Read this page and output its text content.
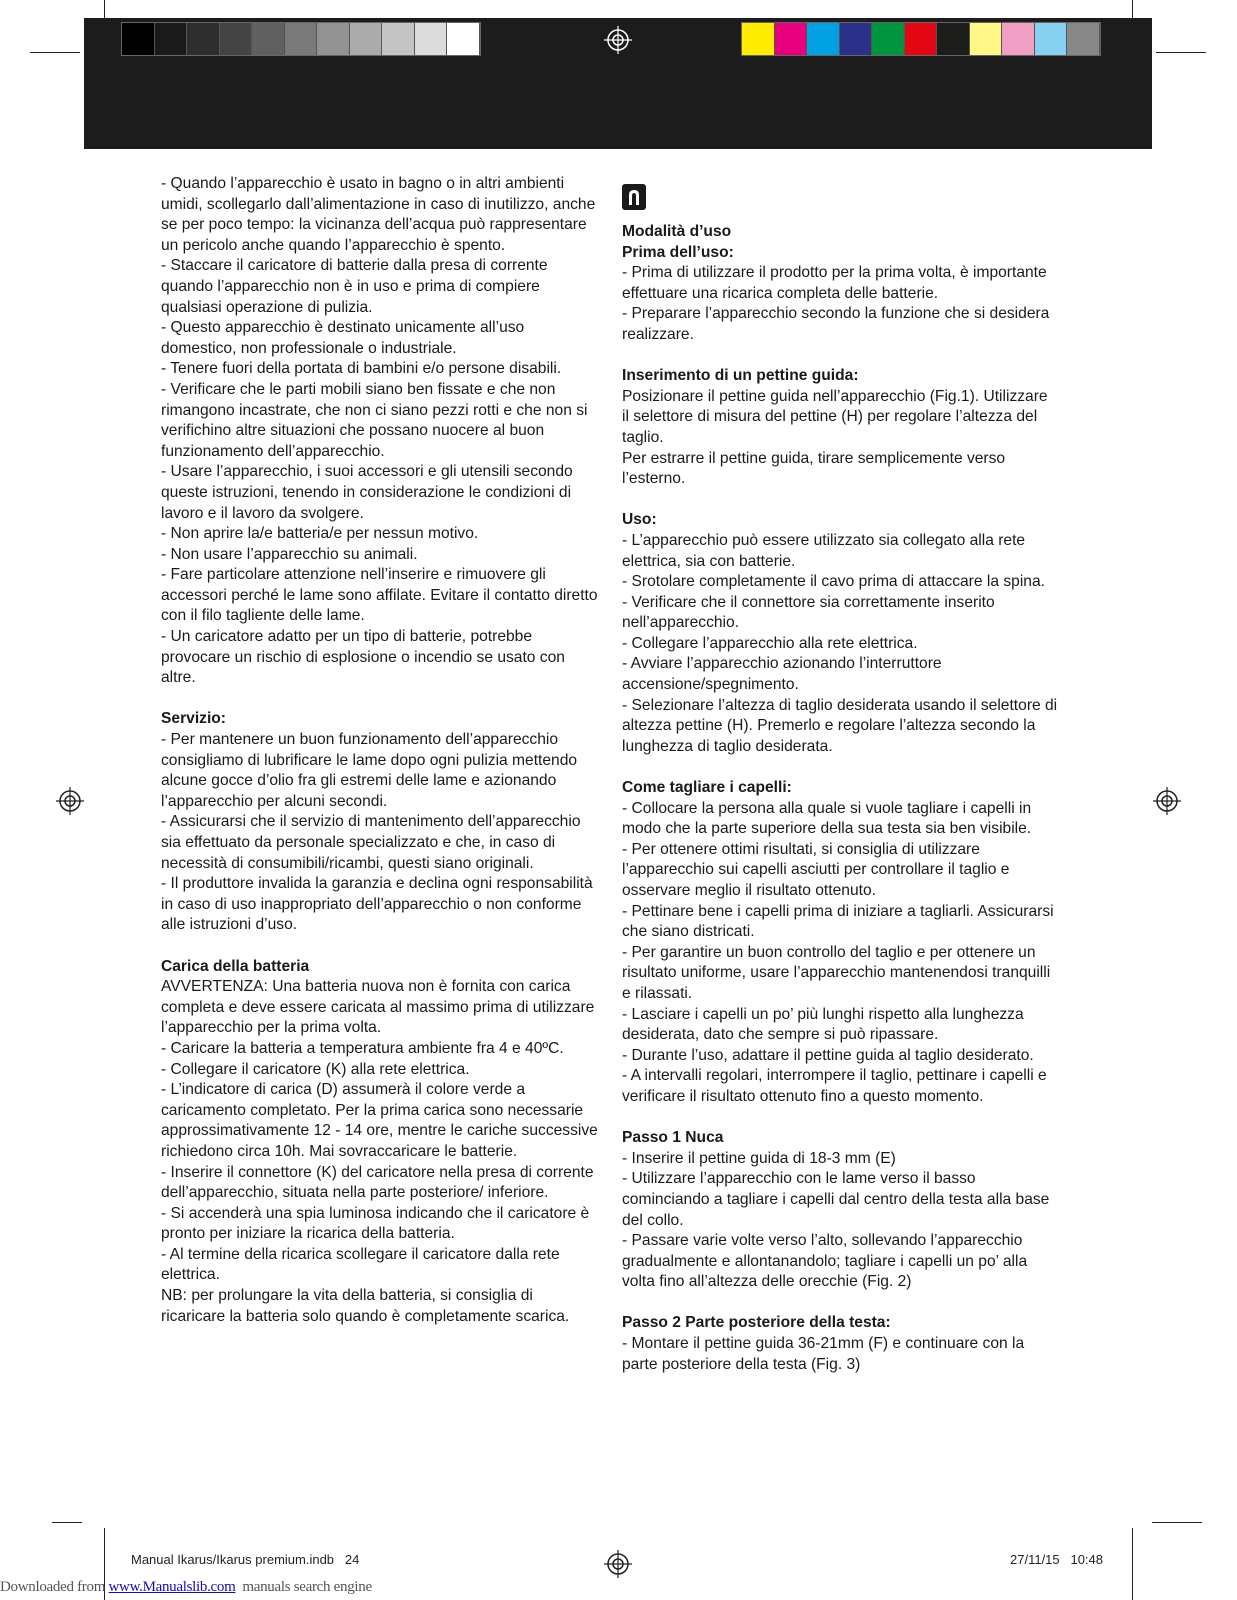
- Quando l’apparecchio è usato in bagno o in altri ambienti umidi, scollegarlo dall’alimentazione in caso di inutilizzo, anche se per poco tempo: la vicinanza dell’acqua può rappresentare un pericolo anche quando l’apparecchio è spento.
- Staccare il caricatore di batterie dalla presa di corrente quando l’apparecchio non è in uso e prima di compiere qualsiasi operazione di pulizia.
- Questo apparecchio è destinato unicamente all’uso domestico, non professionale o industriale.
- Tenere fuori della portata di bambini e/o persone disabili.
- Verificare che le parti mobili siano ben fissate e che non rimangono incastrate, che non ci siano pezzi rotti e che non si verifichino altre situazioni che possano nuocere al buon funzionamento dell’apparecchio.
- Usare l’apparecchio, i suoi accessori e gli utensili secondo queste istruzioni, tenendo in considerazione le condizioni di lavoro e il lavoro da svolgere.
- Non aprire la/e batteria/e per nessun motivo.
- Non usare l’apparecchio su animali.
- Fare particolare attenzione nell’inserire e rimuovere gli accessori perché le lame sono affilate. Evitare il contatto diretto con il filo tagliente delle lame.
- Un caricatore adatto per un tipo di batterie, potrebbe provocare un rischio di esplosione o incendio se usato con altre.
Servizio:
- Per mantenere un buon funzionamento dell’apparecchio consigliamo di lubrificare le lame dopo ogni pulizia mettendo alcune gocce d’olio fra gli estremi delle lame e azionando l’apparecchio per alcuni secondi.
- Assicurarsi che il servizio di mantenimento dell’apparecchio sia effettuato da personale specializzato e che, in caso di necessità di consumibili/ricambi, questi siano originali.
- Il produttore invalida la garanzia e declina ogni responsabilità in caso di uso inappropriato dell’apparecchio o non conforme alle istruzioni d’uso.
Carica della batteria
AVVERTENZA: Una batteria nuova non è fornita con carica completa e deve essere caricata al massimo prima di utilizzare l’apparecchio per la prima volta.
- Caricare la batteria a temperatura ambiente fra 4 e 40ºC.
- Collegare il caricatore (K) alla rete elettrica.
- L’indicatore di carica (D) assumerà il colore verde a caricamento completato. Per la prima carica sono necessarie approssimativamente 12 - 14 ore, mentre le cariche successive richiedono circa 10h. Mai sovraccaricare le batterie.
- Inserire il connettore (K) del caricatore nella presa di corrente dell’apparecchio, situata nella parte posteriore/ inferiore.
- Si accenderà una spia luminosa indicando che il caricatore è pronto per iniziare la ricarica della batteria.
- Al termine della ricarica scollegare il caricatore dalla rete elettrica.
NB: per prolungare la vita della batteria, si consiglia di ricaricare la batteria solo quando è completamente scarica.
Modalità d’uso
Prima dell’uso:
- Prima di utilizzare il prodotto per la prima volta, è importante effettuare una ricarica completa delle batterie.
- Preparare l’apparecchio secondo la funzione che si desidera realizzare.
Inserimento di un pettine guida:
Posizionare il pettine guida nell’apparecchio (Fig.1). Utilizzare il selettore di misura del pettine (H) per regolare l’altezza del taglio.
Per estrarre il pettine guida, tirare semplicemente verso l’esterno.
Uso:
- L’apparecchio può essere utilizzato sia collegato alla rete elettrica, sia con batterie.
- Srotolare completamente il cavo prima di attaccare la spina.
- Verificare che il connettore sia correttamente inserito nell’apparecchio.
- Collegare l’apparecchio alla rete elettrica.
- Avviare l’apparecchio azionando l’interruttore accensione/spegnimento.
- Selezionare l’altezza di taglio desiderata usando il selettore di altezza pettine (H). Premerlo e regolare l’altezza secondo la lunghezza di taglio desiderata.
Come tagliare i capelli:
- Collocare la persona alla quale si vuole tagliare i capelli in modo che la parte superiore della sua testa sia ben visibile.
- Per ottenere ottimi risultati, si consiglia di utilizzare l’apparecchio sui capelli asciutti per controllare il taglio e osservare meglio il risultato ottenuto.
- Pettinare bene i capelli prima di iniziare a tagliarli. Assicurarsi che siano districati.
- Per garantire un buon controllo del taglio e per ottenere un risultato uniforme, usare l’apparecchio mantenendosi tranquilli e rilassati.
- Lasciare i capelli un po’ più lunghi rispetto alla lunghezza desiderata, dato che sempre si può ripassare.
- Durante l’uso, adattare il pettine guida al taglio desiderato.
- A intervalli regolari, interrompere il taglio, pettinare i capelli e verificare il risultato ottenuto fino a questo momento.
Passo 1 Nuca
- Inserire il pettine guida di 18-3 mm (E)
- Utilizzare l’apparecchio con le lame verso il basso cominciando a tagliare i capelli dal centro della testa alla base del collo.
- Passare varie volte verso l’alto, sollevando l’apparecchio gradualmente e allontanandolo; tagliare i capelli un po’ alla volta fino all’altezza delle orecchie (Fig. 2)
Passo 2 Parte posteriore della testa:
- Montare il pettine guida 36-21mm (F) e continuare con la parte posteriore della testa (Fig. 3)
Manual Ikarus/Ikarus premium.indb   24	27/11/15   10:48
Downloaded from www.Manualslib.com  manuals search engine
